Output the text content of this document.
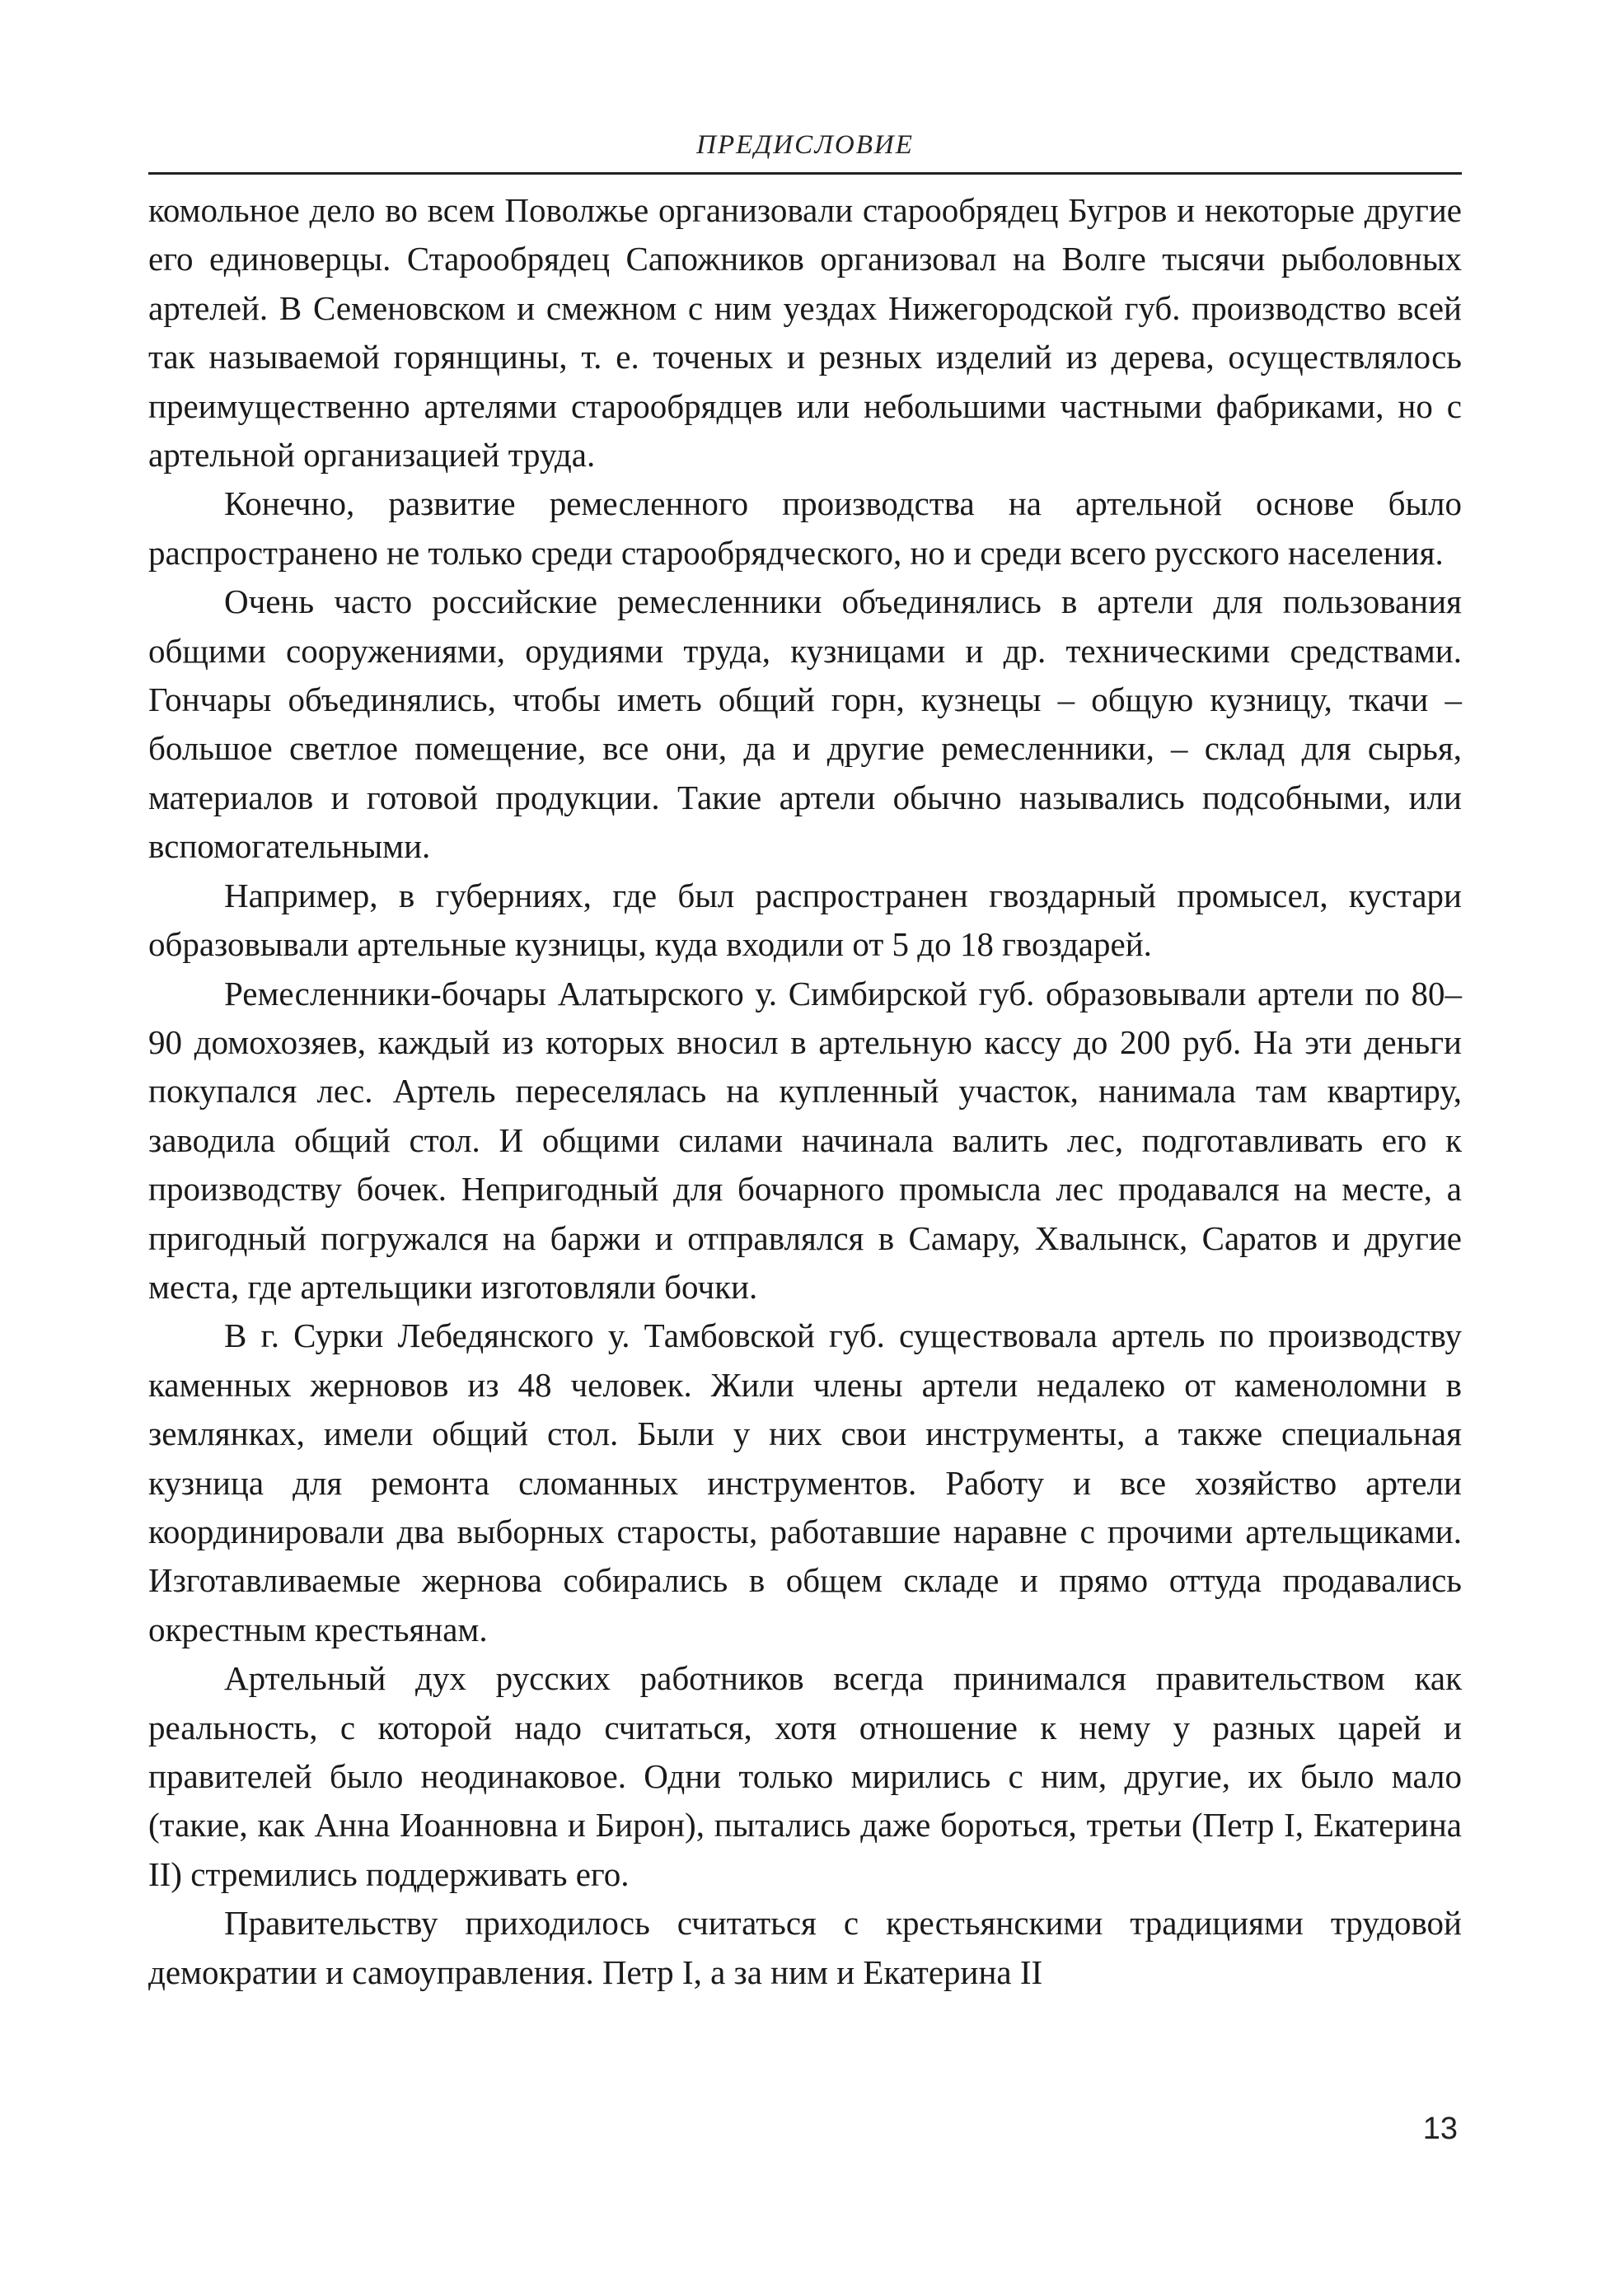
ПРЕДИСЛОВИЕ

комольное дело во всем Поволжье организовали старообрядец Бугров и некоторые другие его единоверцы. Старообрядец Сапожников организовал на Волге тысячи рыболовных артелей. В Семеновском и смежном с ним уездах Нижегородской губ. производство всей так называемой горянщины, т. е. точеных и резных изделий из дерева, осуществлялось преимущественно артелями старообрядцев или небольшими частными фабриками, но с артельной организацией труда.

Конечно, развитие ремесленного производства на артельной основе было распространено не только среди старообрядческого, но и среди всего русского населения.

Очень часто российские ремесленники объединялись в артели для пользования общими сооружениями, орудиями труда, кузницами и др. техническими средствами. Гончары объединялись, чтобы иметь общий горн, кузнецы – общую кузницу, ткачи – большое светлое помещение, все они, да и другие ремесленники, – склад для сырья, материалов и готовой продукции. Такие артели обычно назывались подсобными, или вспомогательными.

Например, в губерниях, где был распространен гвоздарный промысел, кустари образовывали артельные кузницы, куда входили от 5 до 18 гвоздарей.

Ремесленники-бочары Алатырского у. Симбирской губ. образовывали артели по 80–90 домохозяев, каждый из которых вносил в артельную кассу до 200 руб. На эти деньги покупался лес. Артель переселялась на купленный участок, нанимала там квартиру, заводила общий стол. И общими силами начинала валить лес, подготавливать его к производству бочек. Непригодный для бочарного промысла лес продавался на месте, а пригодный погружался на баржи и отправлялся в Самару, Хвалынск, Саратов и другие места, где артельщики изготовляли бочки.

В г. Сурки Лебедянского у. Тамбовской губ. существовала артель по производству каменных жерновов из 48 человек. Жили члены артели недалеко от каменоломни в землянках, имели общий стол. Были у них свои инструменты, а также специальная кузница для ремонта сломанных инструментов. Работу и все хозяйство артели координировали два выборных старосты, работавшие наравне с прочими артельщиками. Изготавливаемые жернова собирались в общем складе и прямо оттуда продавались окрестным крестьянам.

Артельный дух русских работников всегда принимался правительством как реальность, с которой надо считаться, хотя отношение к нему у разных царей и правителей было неодинаковое. Одни только мирились с ним, другие, их было мало (такие, как Анна Иоанновна и Бирон), пытались даже бороться, третьи (Петр I, Екатерина II) стремились поддерживать его.

Правительству приходилось считаться с крестьянскими традициями трудовой демократии и самоуправления. Петр I, а за ним и Екатерина II

13
